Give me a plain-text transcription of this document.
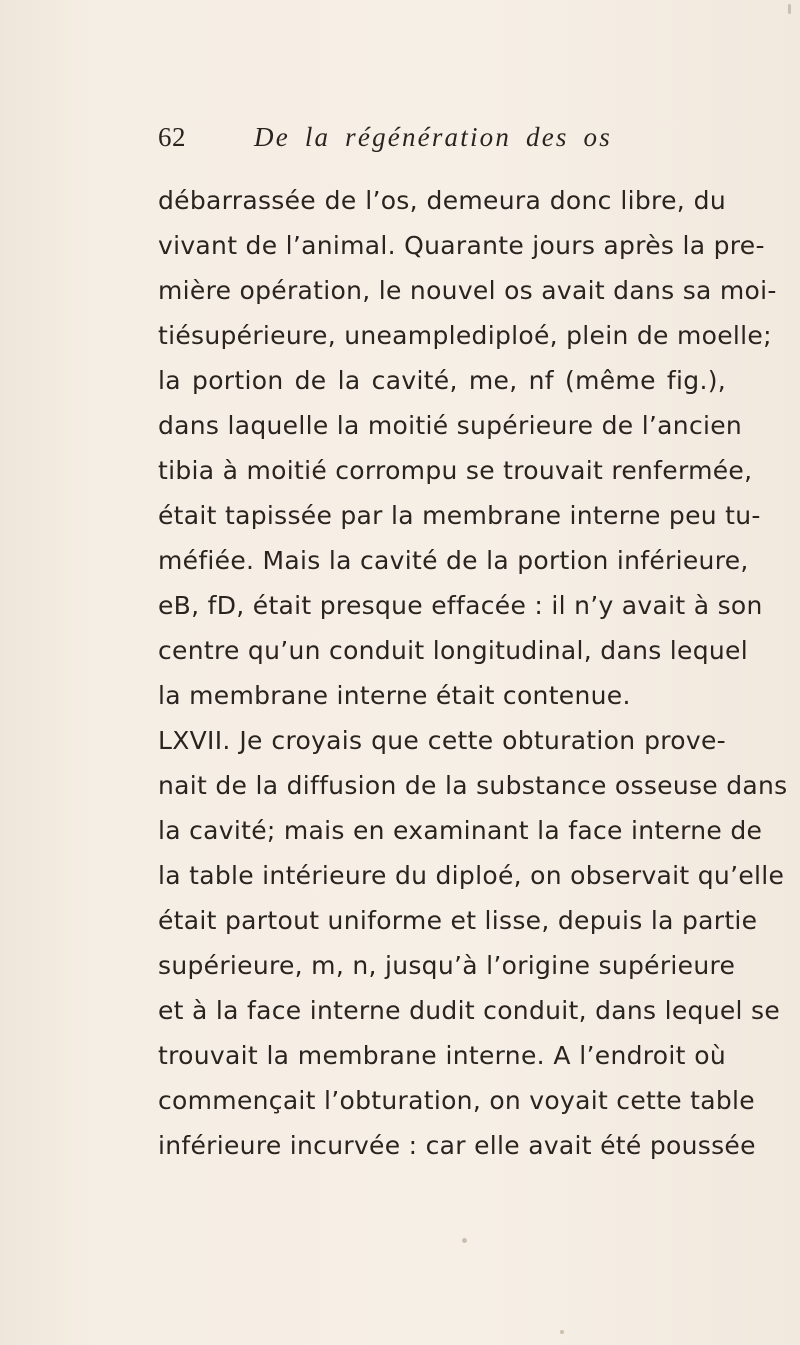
62	De la régénération des os
débarrassée de l’os, demeura donc libre, du
vivant de l’animal. Quarante jours après la pre-
mière opération, le nouvel os avait dans sa moi-
tiésupérieure, uneamplediploé, plein de moelle;
la portion de la cavité, me, nf (même fig.),
dans laquelle la moitié supérieure de l’ancien
tibia à moitié corrompu se trouvait renfermée,
était tapissée par la membrane interne peu tu-
méfiée. Mais la cavité de la portion inférieure,
eB, fD, était presque effacée : il n’y avait à son
centre qu’un conduit longitudinal, dans lequel
la membrane interne était contenue.
LXVII. Je croyais que cette obturation prove-
nait de la diffusion de la substance osseuse dans
la cavité; mais en examinant la face interne de
la table intérieure du diploé, on observait qu’elle
était partout uniforme et lisse, depuis la partie
supérieure, m, n, jusqu’à l’origine supérieure
et à la face interne dudit conduit, dans lequel se
trouvait la membrane interne. A l’endroit où
commençait l’obturation, on voyait cette table
inférieure incurvée : car elle avait été poussée
